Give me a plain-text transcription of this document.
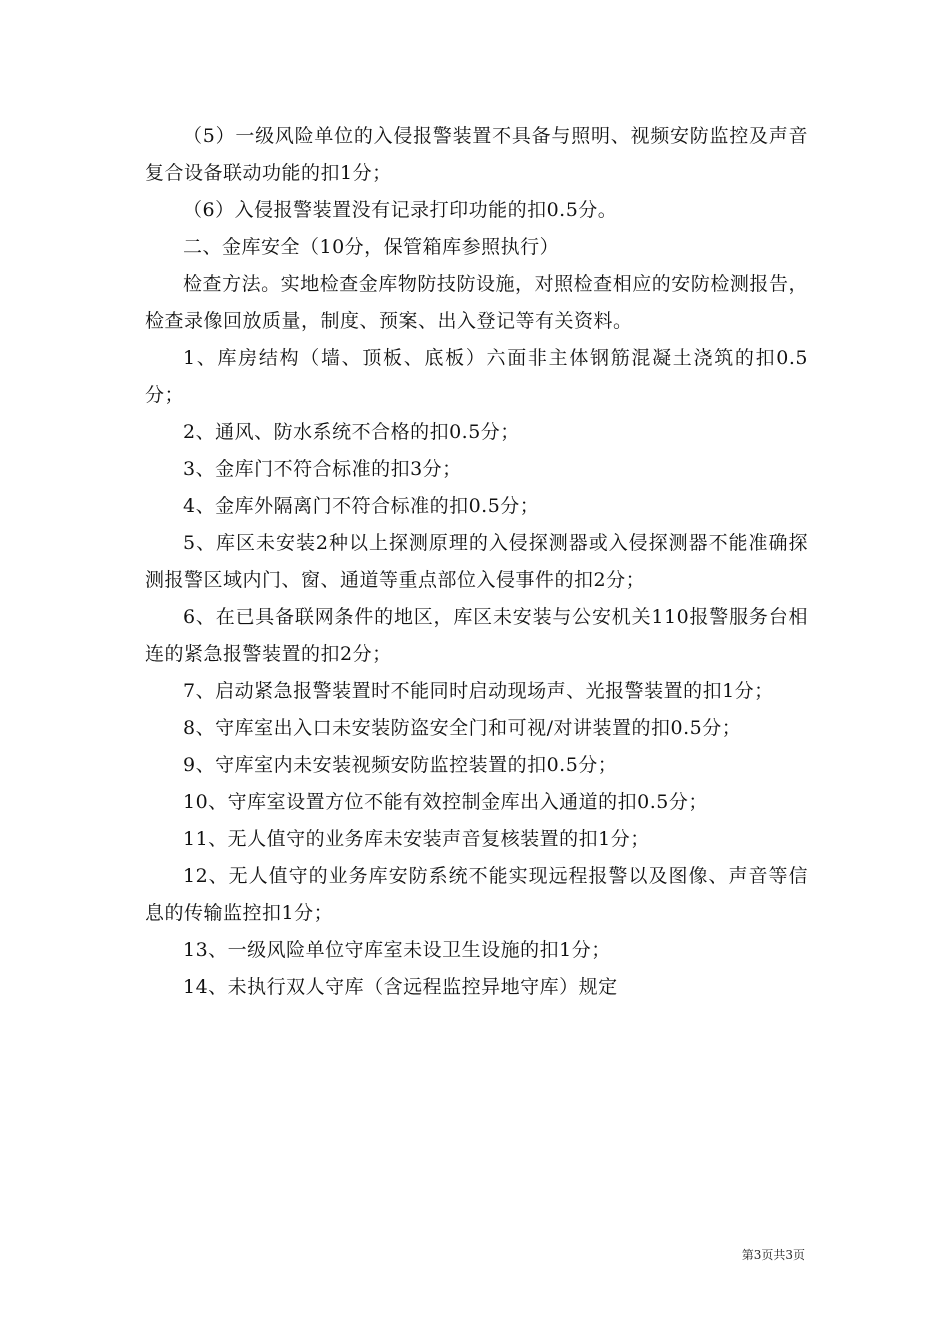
（5）一级风险单位的入侵报警装置不具备与照明、视频安防监控及声音复合设备联动功能的扣1分；

（6）入侵报警装置没有记录打印功能的扣0.5分。

二、金库安全（10分，保管箱库参照执行）

检查方法。实地检查金库物防技防设施，对照检查相应的安防检测报告，检查录像回放质量，制度、预案、出入登记等有关资料。

1、库房结构（墙、顶板、底板）六面非主体钢筋混凝土浇筑的扣0.5分；

2、通风、防水系统不合格的扣0.5分；

3、金库门不符合标准的扣3分；

4、金库外隔离门不符合标准的扣0.5分；

5、库区未安装2种以上探测原理的入侵探测器或入侵探测器不能准确探测报警区域内门、窗、通道等重点部位入侵事件的扣2分；

6、在已具备联网条件的地区，库区未安装与公安机关110报警服务台相连的紧急报警装置的扣2分；

7、启动紧急报警装置时不能同时启动现场声、光报警装置的扣1分；

8、守库室出入口未安装防盗安全门和可视/对讲装置的扣0.5分；

9、守库室内未安装视频安防监控装置的扣0.5分；

10、守库室设置方位不能有效控制金库出入通道的扣0.5分；

11、无人值守的业务库未安装声音复核装置的扣1分；

12、无人值守的业务库安防系统不能实现远程报警以及图像、声音等信息的传输监控扣1分；

13、一级风险单位守库室未设卫生设施的扣1分；

14、未执行双人守库（含远程监控异地守库）规定

第3页共3页
